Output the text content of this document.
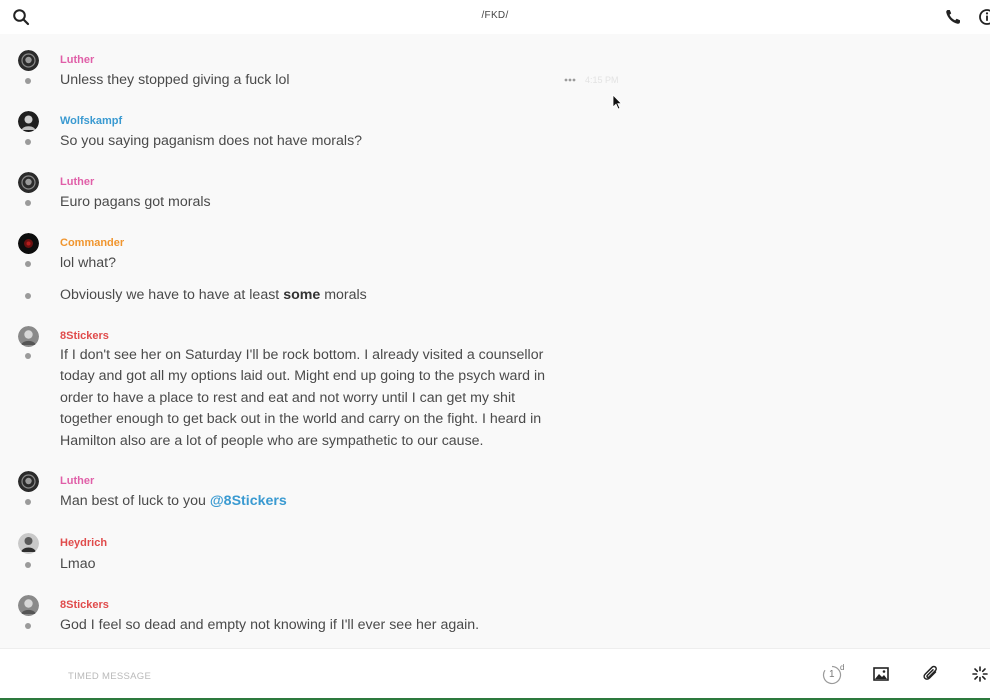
/FKD/
Luther
Unless they stopped giving a fuck lol
Wolfskampf
So you saying paganism does not have morals?
Luther
Euro pagans got morals
Commander
lol what?
Obviously we have to have at least some morals
8Stickers
If I don't see her on Saturday I'll be rock bottom. I already visited a counsellor today and got all my options laid out. Might end up going to the psych ward in order to have a place to rest and eat and not worry until I can get my shit together enough to get back out in the world and carry on the fight. I heard in Hamilton also are a lot of people who are sympathetic to our cause.
Luther
Man best of luck to you @8Stickers
Heydrich
Lmao
8Stickers
God I feel so dead and empty not knowing if I'll ever see her again.
4:15 PM
TIMED MESSAGE
1
d
